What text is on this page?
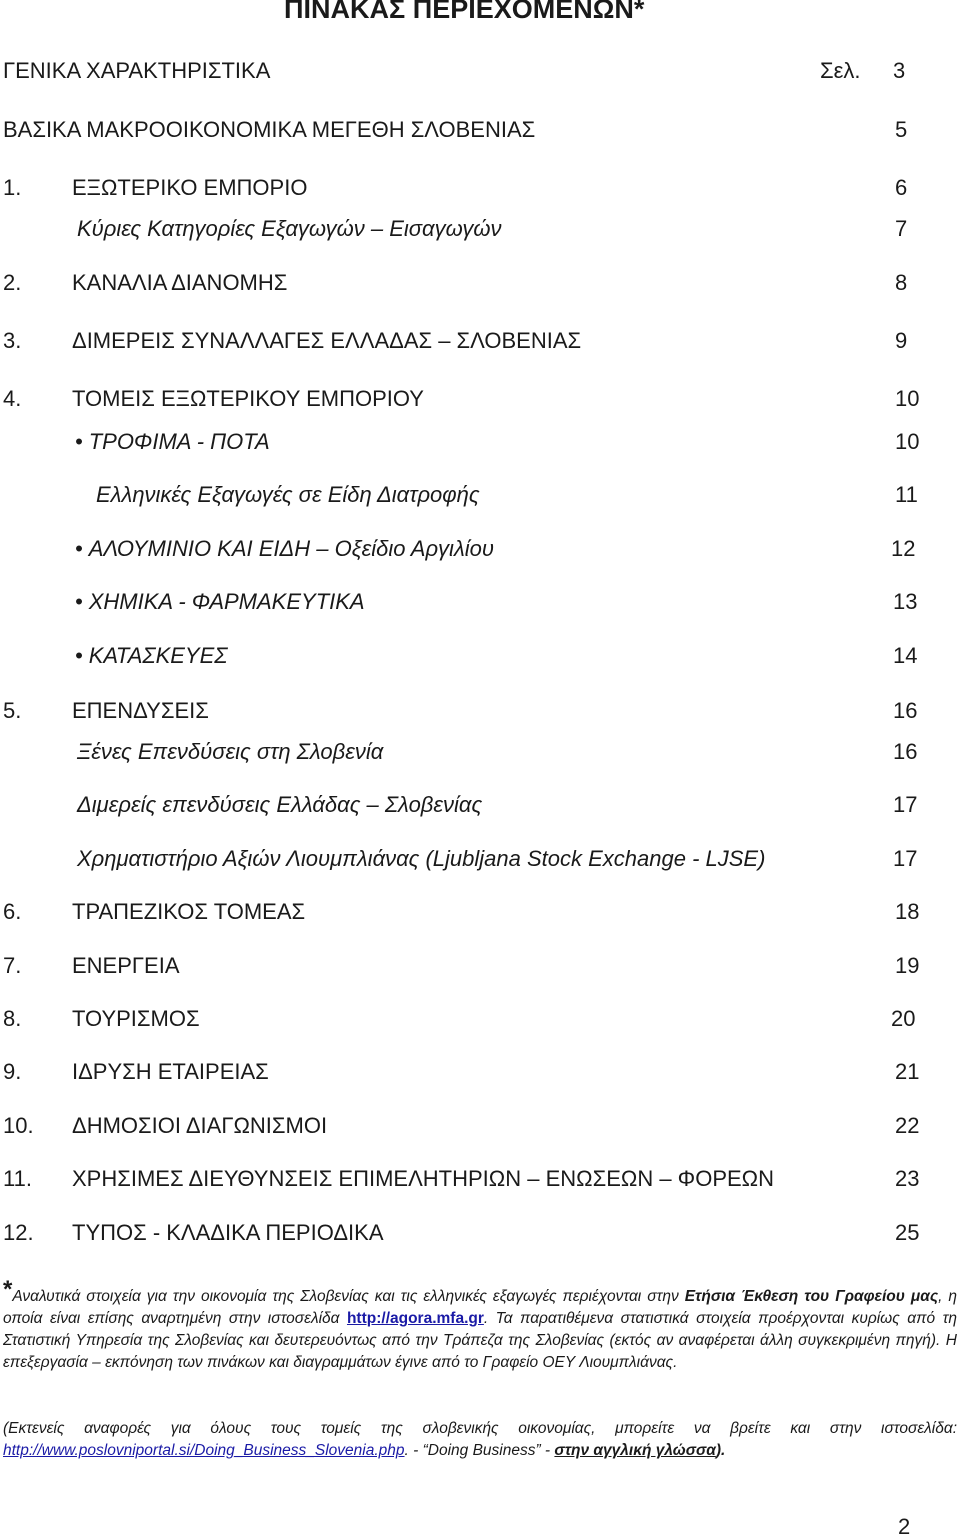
ΠΙΝΑΚΑΣ ΠΕΡΙΕΧΟΜΕΝΩΝ*
ΓΕΝΙΚΑ ΧΑΡΑΚΤΗΡΙΣΤΙΚΑ	Σελ. 3
ΒΑΣΙΚΑ ΜΑΚΡΟΟΙΚΟΝΟΜΙΚΑ ΜΕΓΕΘΗ ΣΛΟΒΕΝΙΑΣ	5
1. ΕΞΩΤΕΡΙΚΟ ΕΜΠΟΡΙΟ	6
Κύριες Κατηγορίες Εξαγωγών – Εισαγωγών	7
2. ΚΑΝΑΛΙΑ ΔΙΑΝΟΜΗΣ	8
3. ΔΙΜΕΡΕΙΣ ΣΥΝΑΛΛΑΓΕΣ ΕΛΛΑΔΑΣ – ΣΛΟΒΕΝΙΑΣ	9
4. ΤΟΜΕΙΣ ΕΞΩΤΕΡΙΚΟΥ ΕΜΠΟΡΙΟΥ	10
• ΤΡΟΦΙΜΑ - ΠΟΤΑ	10
Ελληνικές Εξαγωγές σε Είδη Διατροφής	11
• ΑΛΟΥΜΙΝΙΟ ΚΑΙ ΕΙΔΗ – Οξείδιο Αργιλίου	12
• ΧΗΜΙΚΑ - ΦΑΡΜΑΚΕΥΤΙΚΑ	13
• ΚΑΤΑΣΚΕΥΕΣ	14
5. ΕΠΕΝΔΥΣΕΙΣ	16
Ξένες Επενδύσεις στη Σλοβενία	16
Διμερείς επενδύσεις Ελλάδας – Σλοβενίας	17
Χρηματιστήριο Αξιών Λιουμπλιάνας (Ljubljana Stock Exchange - LJSE)	17
6. ΤΡΑΠΕΖΙΚΟΣ ΤΟΜΕΑΣ	18
7. ΕΝΕΡΓΕΙΑ	19
8. ΤΟΥΡΙΣΜΟΣ	20
9. ΙΔΡΥΣΗ ΕΤΑΙΡΕΙΑΣ	21
10. ΔΗΜΟΣΙΟΙ ΔΙΑΓΩΝΙΣΜΟΙ	22
11. ΧΡΗΣΙΜΕΣ ΔΙΕΥΘΥΝΣΕΙΣ ΕΠΙΜΕΛΗΤΗΡΙΩΝ – ΕΝΩΣΕΩΝ – ΦΟΡΕΩΝ	23
12. ΤΥΠΟΣ - ΚΛΑΔΙΚΑ ΠΕΡΙΟΔΙΚΑ	25
*Αναλυτικά στοιχεία για την οικονομία της Σλοβενίας και τις ελληνικές εξαγωγές περιέχονται στην Ετήσια Έκθεση του Γραφείου μας, η οποία είναι επίσης αναρτημένη στην ιστοσελίδα http://agora.mfa.gr. Τα παρατιθέμενα στατιστικά στοιχεία προέρχονται κυρίως από τη Στατιστική Υπηρεσία της Σλοβενίας και δευτερευόντως από την Τράπεζα της Σλοβενίας (εκτός αν αναφέρεται άλλη συγκεκριμένη πηγή). Η επεξεργασία – εκπόνηση των πινάκων και διαγραμμάτων έγινε από το Γραφείο ΟΕΥ Λιουμπλιάνας.
(Εκτενείς αναφορές για όλους τους τομείς της σλοβενικής οικονομίας, μπορείτε να βρείτε και στην ιστοσελίδα: http://www.poslovniportal.si/Doing_Business_Slovenia.php. - “Doing Business” - στην αγγλική γλώσσα).
2
